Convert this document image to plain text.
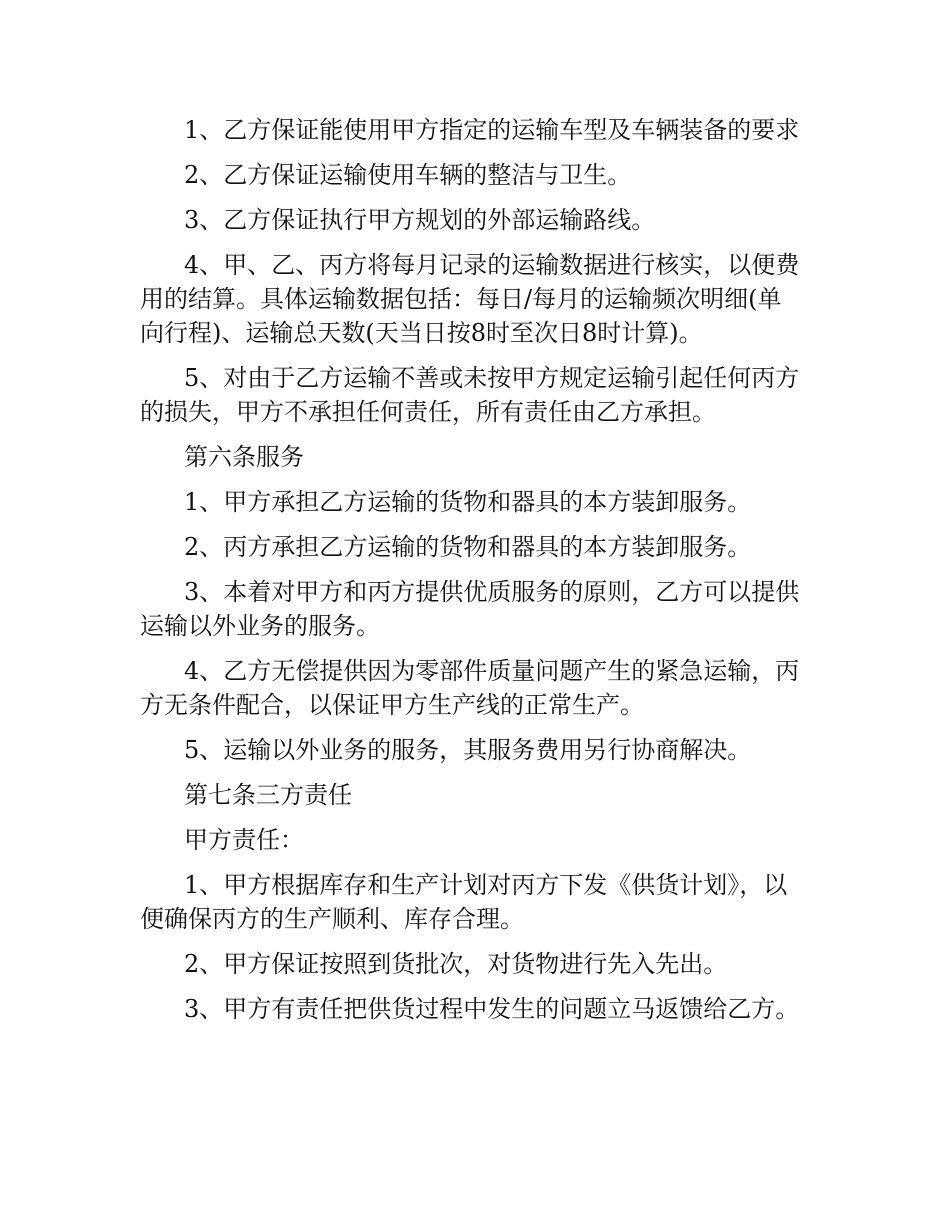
1、乙方保证能使用甲方指定的运输车型及车辆装备的要求

2、乙方保证运输使用车辆的整洁与卫生。

3、乙方保证执行甲方规划的外部运输路线。

4、甲、乙、丙方将每月记录的运输数据进行核实，以便费用的结算。具体运输数据包括：每日/每月的运输频次明细(单向行程)、运输总天数(天当日按8时至次日8时计算)。

5、对由于乙方运输不善或未按甲方规定运输引起任何丙方的损失，甲方不承担任何责任，所有责任由乙方承担。

第六条服务

1、甲方承担乙方运输的货物和器具的本方装卸服务。

2、丙方承担乙方运输的货物和器具的本方装卸服务。

3、本着对甲方和丙方提供优质服务的原则，乙方可以提供运输以外业务的服务。

4、乙方无偿提供因为零部件质量问题产生的紧急运输，丙方无条件配合，以保证甲方生产线的正常生产。

5、运输以外业务的服务，其服务费用另行协商解决。

第七条三方责任

甲方责任：

1、甲方根据库存和生产计划对丙方下发《供货计划》，以便确保丙方的生产顺利、库存合理。

2、甲方保证按照到货批次，对货物进行先入先出。

3、甲方有责任把供货过程中发生的问题立马返馈给乙方。
